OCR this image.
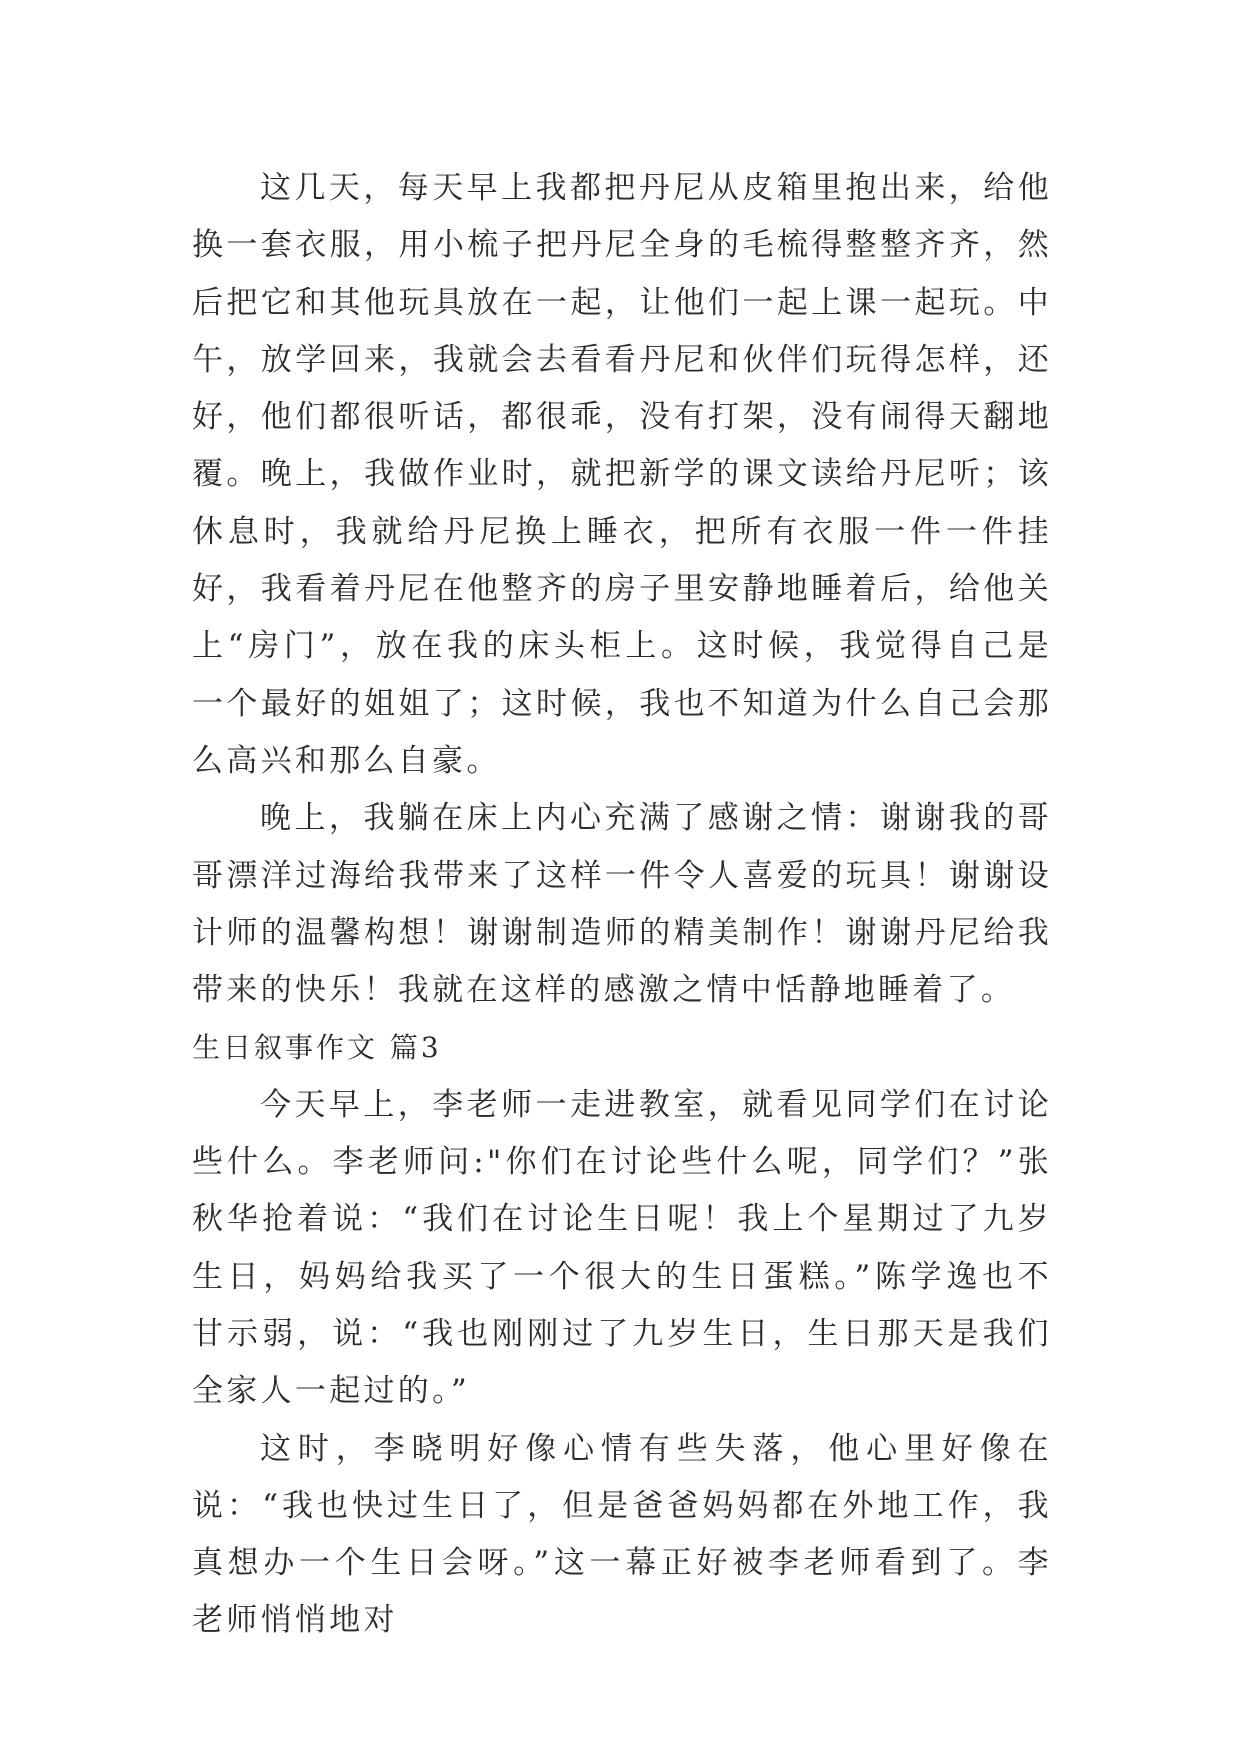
这几天，每天早上我都把丹尼从皮箱里抱出来，给他换一套衣服，用小梳子把丹尼全身的毛梳得整整齐齐，然后把它和其他玩具放在一起，让他们一起上课一起玩。中午，放学回来，我就会去看看丹尼和伙伴们玩得怎样，还好，他们都很听话，都很乖，没有打架，没有闹得天翻地覆。晚上，我做作业时，就把新学的课文读给丹尼听；该休息时，我就给丹尼换上睡衣，把所有衣服一件一件挂好，我看着丹尼在他整齐的房子里安静地睡着后，给他关上“房门”，放在我的床头柜上。这时候，我觉得自己是一个最好的姐姐了；这时候，我也不知道为什么自己会那么高兴和那么自豪。

晚上，我躺在床上内心充满了感谢之情：谢谢我的哥哥漂洋过海给我带来了这样一件令人喜爱的玩具！谢谢设计师的温馨构想！谢谢制造师的精美制作！谢谢丹尼给我带来的快乐！我就在这样的感激之情中恬静地睡着了。

生日叙事作文 篇3

今天早上，李老师一走进教室，就看见同学们在讨论些什么。李老师问:"你们在讨论些什么呢，同学们？”张秋华抢着说：“我们在讨论生日呢！我上个星期过了九岁生日，妈妈给我买了一个很大的生日蛋糕。”陈学逸也不甘示弱，说：“我也刚刚过了九岁生日，生日那天是我们全家人一起过的。”

这时，李晓明好像心情有些失落，他心里好像在说：“我也快过生日了，但是爸爸妈妈都在外地工作，我真想办一个生日会呀。”这一幕正好被李老师看到了。李老师悄悄地对
